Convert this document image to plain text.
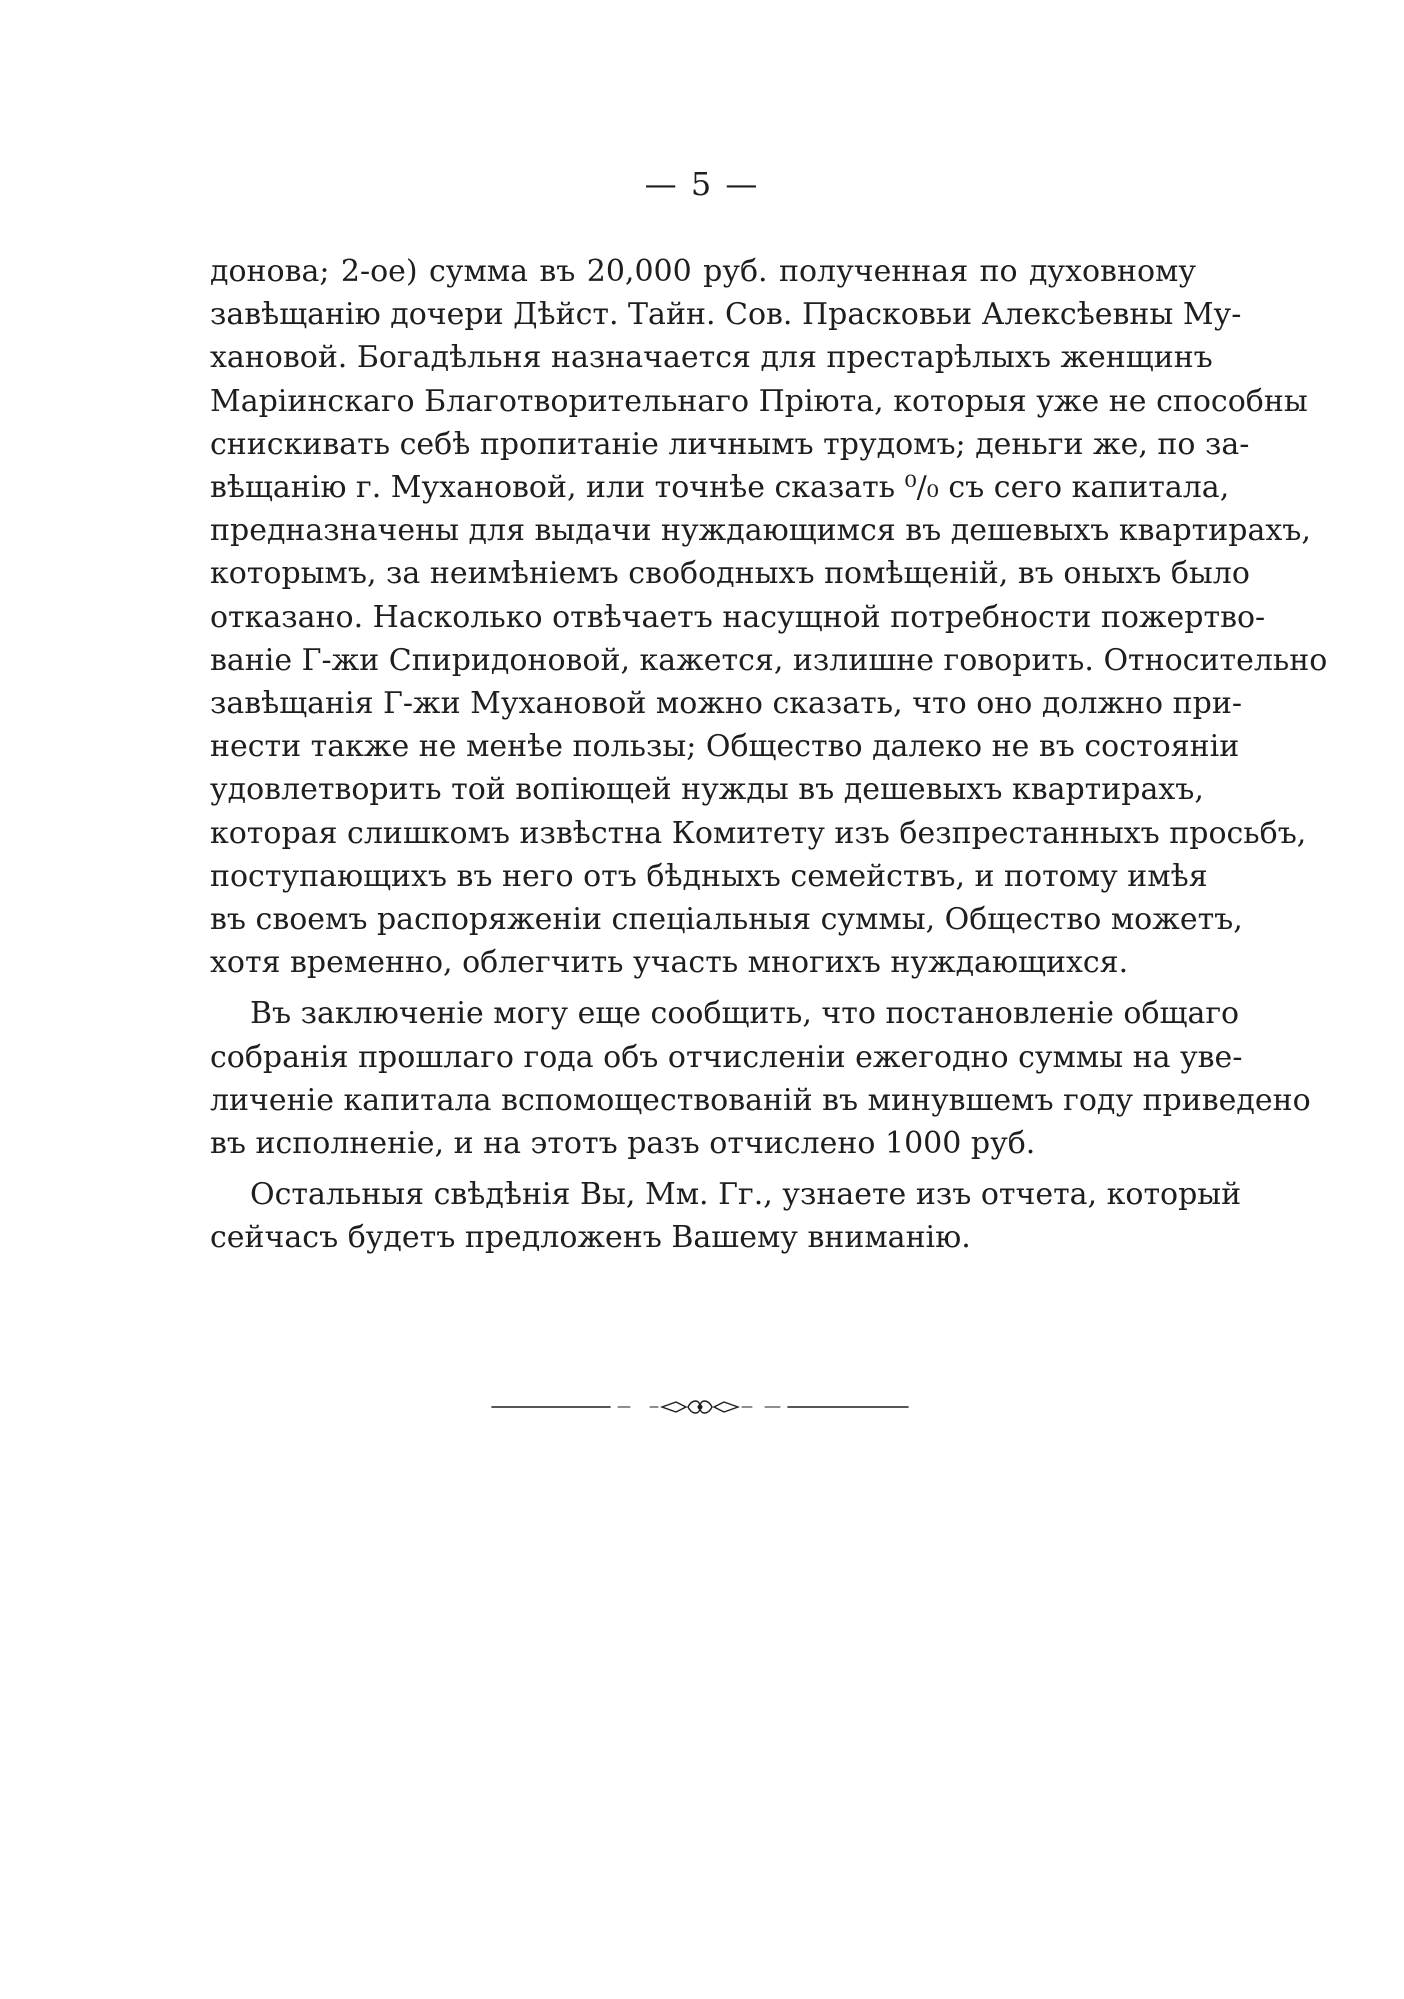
— 5 —
донова; 2-ое) сумма въ 20,000 руб. полученная по духовному
завѣщанію дочери Дѣйст. Тайн. Сов. Прасковьи Алексѣевны Му-
хановой. Богадѣльня назначается для престарѣлыхъ женщинъ
Маріинскаго Благотворительнаго Пріюта, которыя уже не способны
снискивать себѣ пропитаніе личнымъ трудомъ; деньги же, по за-
вѣщанію г. Мухановой, или точнѣе сказать ⁰/₀ съ сего капитала,
предназначены для выдачи нуждающимся въ дешевыхъ квартирахъ,
которымъ, за неимѣніемъ свободныхъ помѣщеній, въ оныхъ было
отказано. Насколько отвѣчаетъ насущной потребности пожертво-
ваніе Г-жи Спиридоновой, кажется, излишне говорить. Относительно
завѣщанія Г-жи Мухановой можно сказать, что оно должно при-
нести также не менѣе пользы; Общество далеко не въ состояніи
удовлетворить той вопіющей нужды въ дешевыхъ квартирахъ,
которая слишкомъ извѣстна Комитету изъ безпрестанныхъ просьбъ,
поступающихъ въ него отъ бѣдныхъ семействъ, и потому имѣя
въ своемъ распоряженіи спеціальныя суммы, Общество можетъ,
хотя временно, облегчить участь многихъ нуждающихся.
Въ заключеніе могу еще сообщить, что постановленіе общаго
собранія прошлаго года объ отчисленіи ежегодно суммы на уве-
личеніе капитала вспомоществованій въ минувшемъ году приведено
въ исполненіе, и на этотъ разъ отчислено 1000 руб.
Остальныя свѣдѣнія Вы, Мм. Гг., узнаете изъ отчета, который
сейчасъ будетъ предложенъ Вашему вниманію.
